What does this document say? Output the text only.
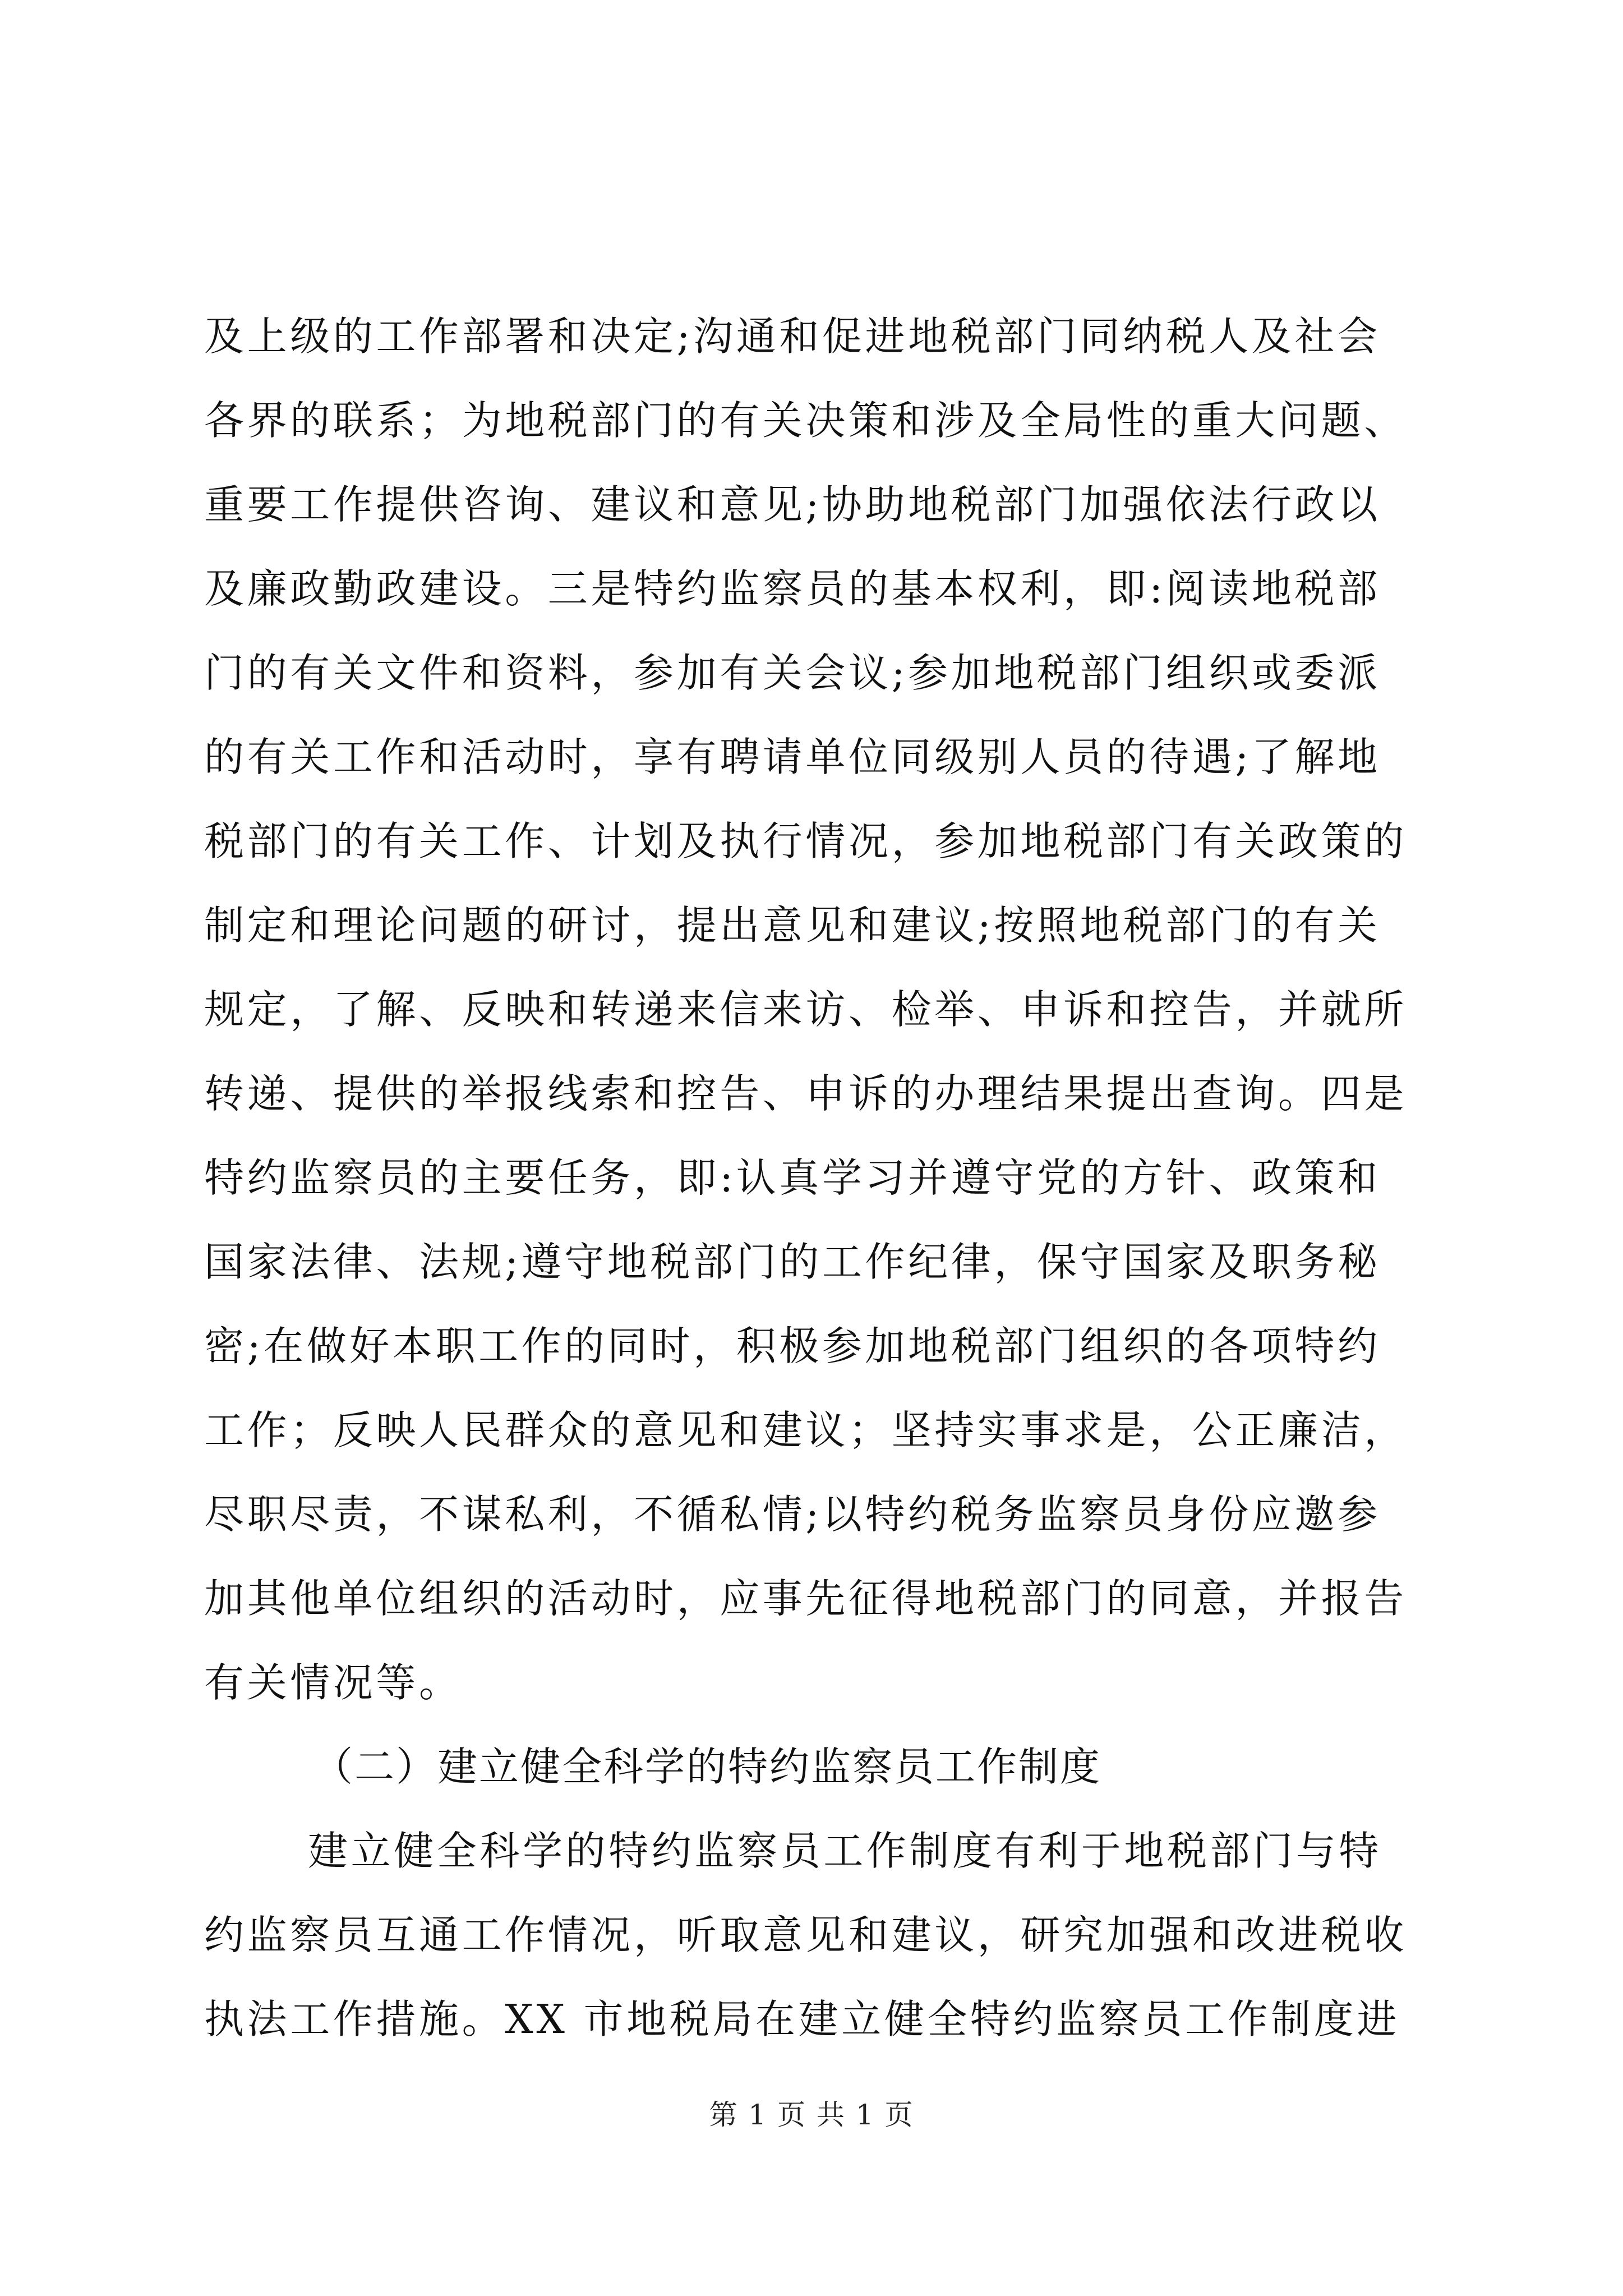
及上级的工作部署和决定;沟通和促进地税部门同纳税人及社会
各界的联系；为地税部门的有关决策和涉及全局性的重大问题、
重要工作提供咨询、建议和意见;协助地税部门加强依法行政以
及廉政勤政建设。三是特约监察员的基本权利，即:阅读地税部
门的有关文件和资料，参加有关会议;参加地税部门组织或委派
的有关工作和活动时，享有聘请单位同级别人员的待遇;了解地
税部门的有关工作、计划及执行情况，参加地税部门有关政策的
制定和理论问题的研讨，提出意见和建议;按照地税部门的有关
规定，了解、反映和转递来信来访、检举、申诉和控告，并就所
转递、提供的举报线索和控告、申诉的办理结果提出查询。四是
特约监察员的主要任务，即:认真学习并遵守党的方针、政策和
国家法律、法规;遵守地税部门的工作纪律，保守国家及职务秘
密;在做好本职工作的同时，积极参加地税部门组织的各项特约
工作；反映人民群众的意见和建议；坚持实事求是，公正廉洁，
尽职尽责，不谋私利，不循私情;以特约税务监察员身份应邀参
加其他单位组织的活动时，应事先征得地税部门的同意，并报告
有关情况等。
（二）建立健全科学的特约监察员工作制度
建立健全科学的特约监察员工作制度有利于地税部门与特
约监察员互通工作情况，听取意见和建议，研究加强和改进税收
执法工作措施。XX 市地税局在建立健全特约监察员工作制度进
第 1 页 共 1 页
